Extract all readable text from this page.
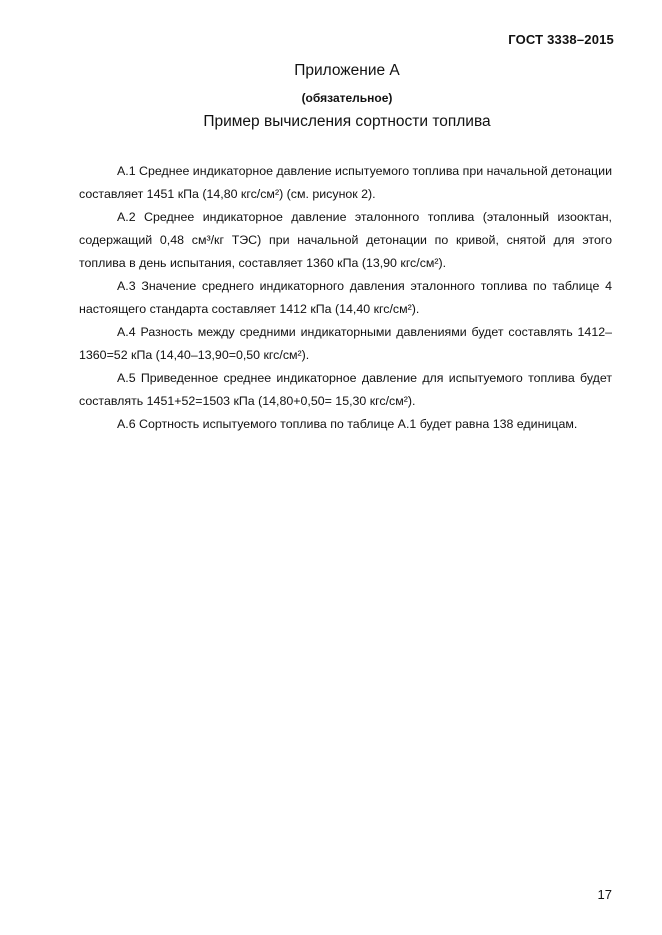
ГОСТ 3338–2015
Приложение А
(обязательное)
Пример вычисления сортности топлива

А.1 Среднее индикаторное давление испытуемого топлива при начальной детонации составляет 1451 кПа (14,80 кгс/см²) (см. рисунок 2).

А.2 Среднее индикаторное давление эталонного топлива (эталонный изооктан, содержащий 0,48 см³/кг ТЭС) при начальной детонации по кривой, снятой для этого топлива в день испытания, составляет 1360 кПа (13,90 кгс/см²).

А.3 Значение среднего индикаторного давления эталонного топлива по таблице 4 настоящего стандарта составляет 1412 кПа (14,40 кгс/см²).

А.4 Разность между средними индикаторными давлениями будет составлять 1412–1360=52 кПа (14,40–13,90=0,50 кгс/см²).

А.5 Приведенное среднее индикаторное давление для испытуемого топлива будет составлять 1451+52=1503 кПа (14,80+0,50= 15,30 кгс/см²).

А.6 Сортность испытуемого топлива по таблице А.1 будет равна 138 единицам.

17
